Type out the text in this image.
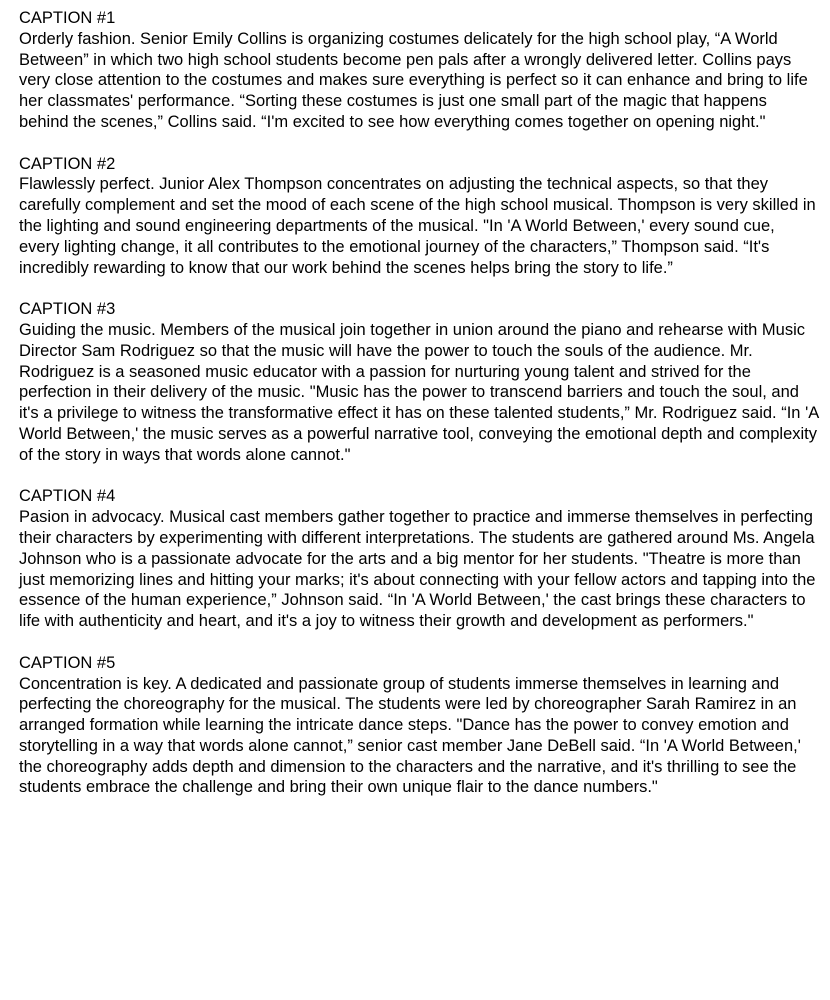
CAPTION #1

Orderly fashion. Senior Emily Collins is organizing costumes delicately for the high school play, “A World Between” in which two high school students become pen pals after a wrongly delivered letter. Collins pays very close attention to the costumes and makes sure everything is perfect so it can enhance and bring to life her classmates' performance. “Sorting these costumes is just one small part of the magic that happens behind the scenes,” Collins said. “I'm excited to see how everything comes together on opening night."

CAPTION #2

Flawlessly perfect. Junior Alex Thompson concentrates on adjusting the technical aspects, so that they carefully complement and set the mood of each scene of the high school musical. Thompson is very skilled in the lighting and sound engineering departments of the musical. "In 'A World Between,' every sound cue, every lighting change, it all contributes to the emotional journey of the characters,” Thompson said. “It's incredibly rewarding to know that our work behind the scenes helps bring the story to life.”

CAPTION #3

Guiding the music. Members of the musical join together in union around the piano and rehearse with Music Director Sam Rodriguez so that the music will have the power to touch the souls of the audience. Mr. Rodriguez is a seasoned music educator with a passion for nurturing young talent and strived for the perfection in their delivery of the music. "Music has the power to transcend barriers and touch the soul, and it's a privilege to witness the transformative effect it has on these talented students,” Mr. Rodriguez said. “In 'A World Between,' the music serves as a powerful narrative tool, conveying the emotional depth and complexity of the story in ways that words alone cannot."

CAPTION #4

Pasion in advocacy. Musical cast members gather together to practice and immerse themselves in perfecting their characters by experimenting with different interpretations. The students are gathered around Ms. Angela Johnson who is a passionate advocate for the arts and a big mentor for her students. "Theatre is more than just memorizing lines and hitting your marks; it's about connecting with your fellow actors and tapping into the essence of the human experience,” Johnson said. “In 'A World Between,' the cast brings these characters to life with authenticity and heart, and it's a joy to witness their growth and development as performers."

CAPTION #5

Concentration is key. A dedicated and passionate group of students immerse themselves in learning and perfecting the choreography for the musical. The students were led by choreographer Sarah Ramirez in an arranged formation while learning the intricate dance steps. "Dance has the power to convey emotion and storytelling in a way that words alone cannot,” senior cast member Jane DeBell said. “In 'A World Between,' the choreography adds depth and dimension to the characters and the narrative, and it's thrilling to see the students embrace the challenge and bring their own unique flair to the dance numbers."
